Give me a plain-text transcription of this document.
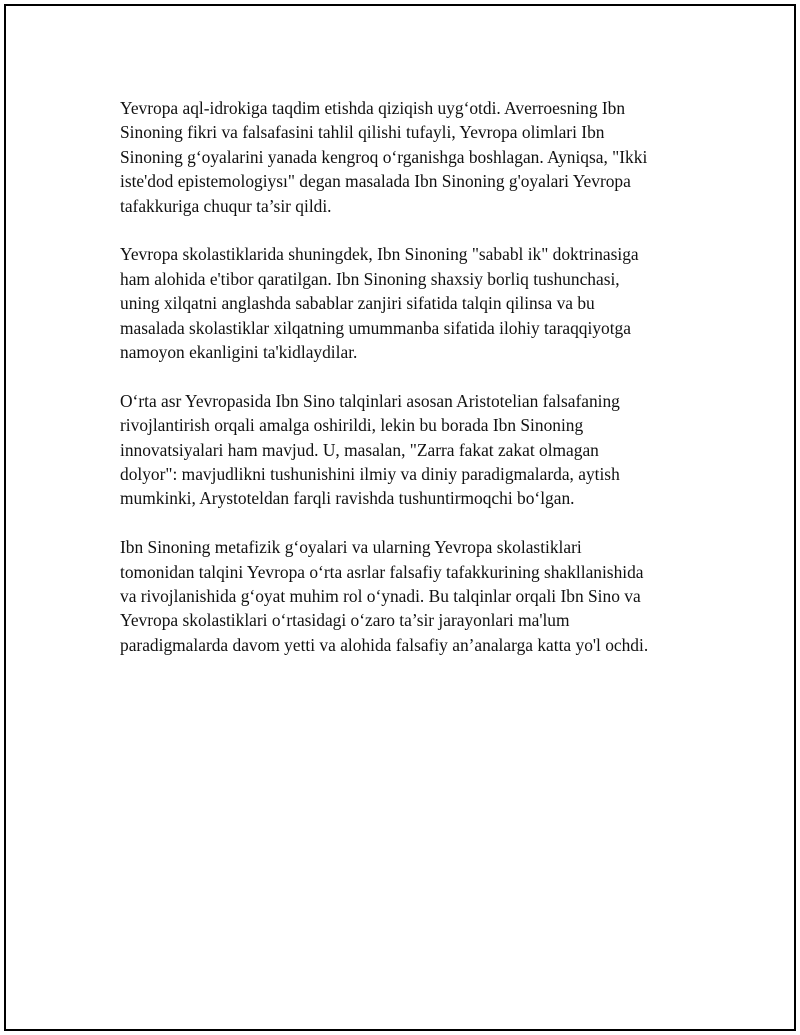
Yevropa aql-idrokiga taqdim etishda qiziqish uyg‘otdi. Averroesning Ibn
Sinoning fikri va falsafasini tahlil qilishi tufayli, Yevropa olimlari Ibn
Sinoning g‘oyalarini yanada kengroq o‘rganishga boshlagan. Ayniqsa, "Ikki
iste'dod epistemologiysı" degan masalada Ibn Sinoning g'oyalari Yevropa
tafakkuriga chuqur ta’sir qildi.

Yevropa skolastiklarida shuningdek, Ibn Sinoning "sababl ik" doktrinasiga
ham alohida e'tibor qaratilgan. Ibn Sinoning shaxsiy borliq tushunchasi,
uning xilqatni anglashda sabablar zanjiri sifatida talqin qilinsa va bu
masalada skolastiklar xilqatning umummanba sifatida ilohiy taraqqiyotga
namoyon ekanligini ta'kidlaydilar.

O‘rta asr Yevropasida Ibn Sino talqinlari asosan Aristotelian falsafaning
rivojlantirish orqali amalga oshirildi, lekin bu borada Ibn Sinoning
innovatsiyalari ham mavjud. U, masalan, "Zarra fakat zakat olmagan
dolyor": mavjudlikni tushunishini ilmiy va diniy paradigmalarda, aytish
mumkinki, Arystoteldan farqli ravishda tushuntirmoqchi bo‘lgan.

Ibn Sinoning metafizik g‘oyalari va ularning Yevropa skolastiklari
tomonidan talqini Yevropa o‘rta asrlar falsafiy tafakkurining shakllanishida
va rivojlanishida g‘oyat muhim rol o‘ynadi. Bu talqinlar orqali Ibn Sino va
Yevropa skolastiklari o‘rtasidagi o‘zaro ta’sir jarayonlari ma'lum
paradigmalarda davom yetti va alohida falsafiy an’analarga katta yo'l ochdi.
